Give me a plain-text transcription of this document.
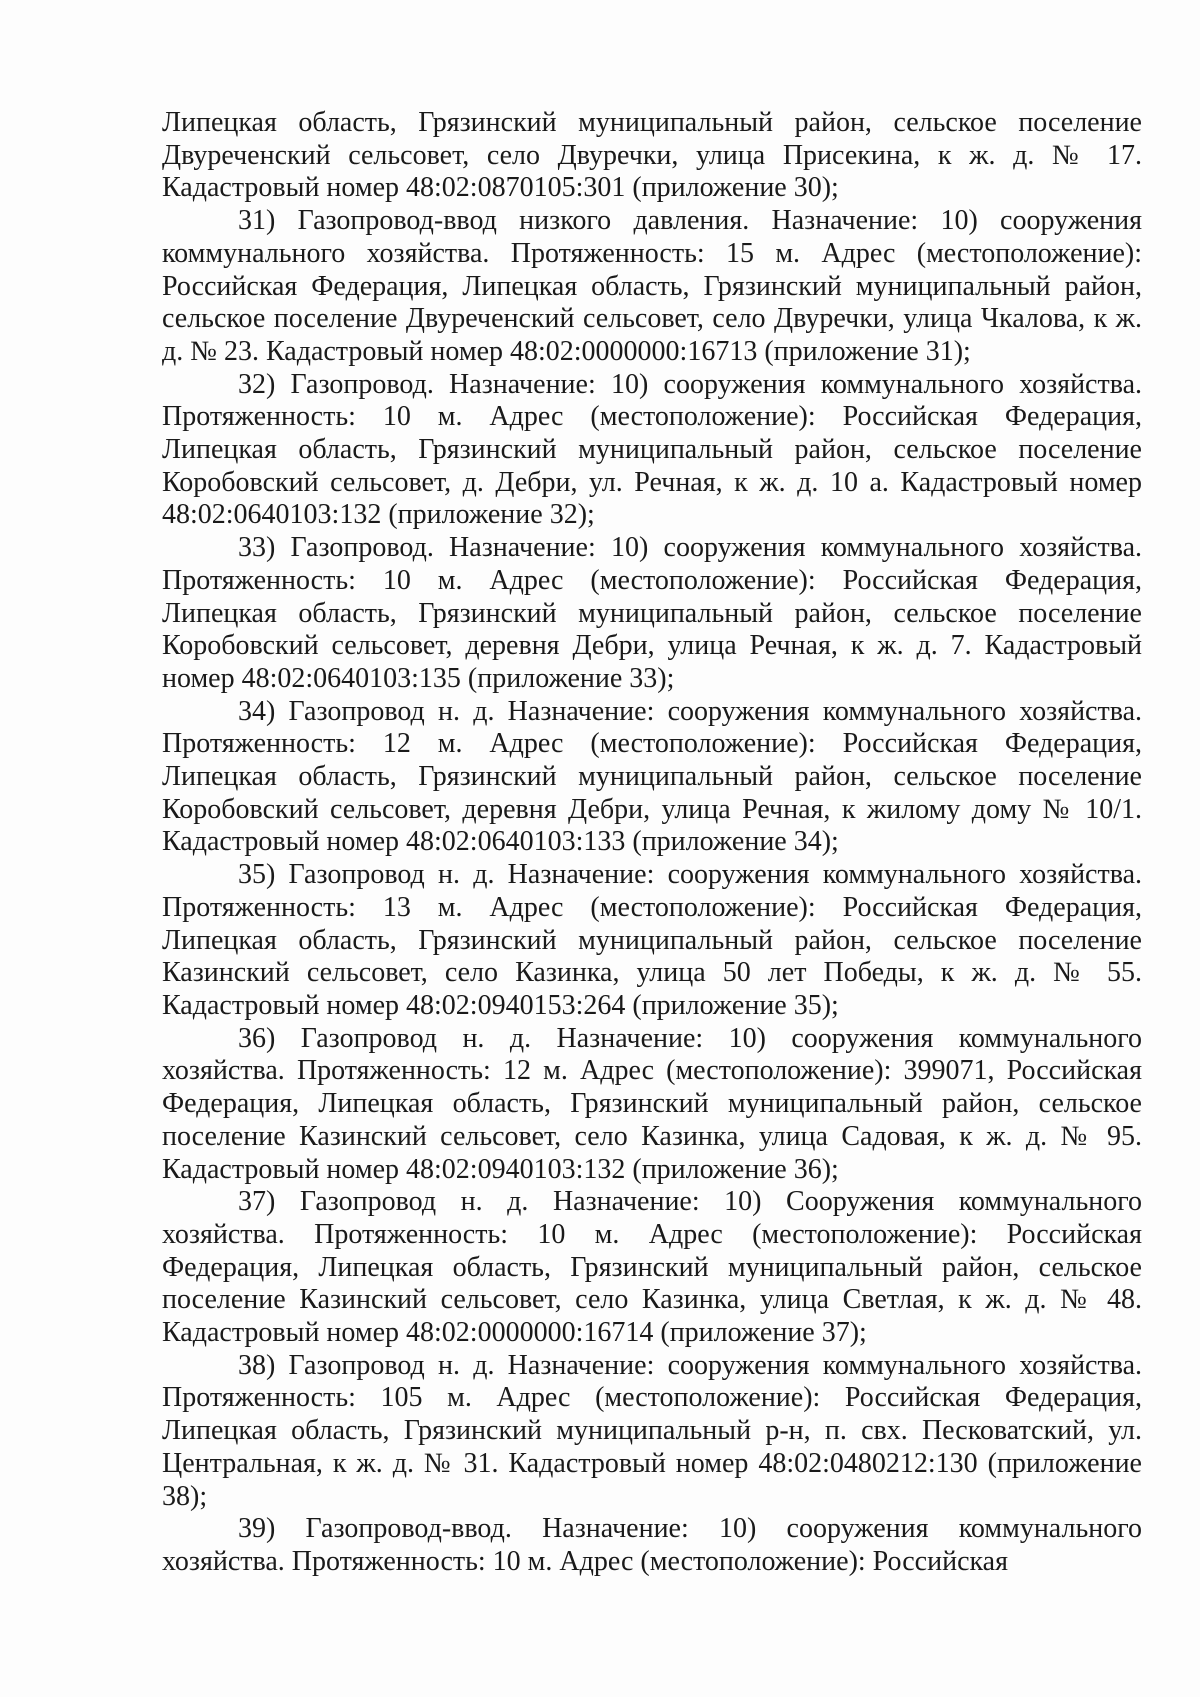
Липецкая область, Грязинский муниципальный район, сельское поселение Двуреченский сельсовет, село Двуречки, улица Присекина, к ж. д. № 17. Кадастровый номер 48:02:0870105:301 (приложение 30);

31) Газопровод-ввод низкого давления. Назначение: 10) сооружения коммунального хозяйства. Протяженность: 15 м. Адрес (местоположение): Российская Федерация, Липецкая область, Грязинский муниципальный район, сельское поселение Двуреченский сельсовет, село Двуречки, улица Чкалова, к ж. д. № 23. Кадастровый номер 48:02:0000000:16713 (приложение 31);

32) Газопровод. Назначение: 10) сооружения коммунального хозяйства. Протяженность: 10 м. Адрес (местоположение): Российская Федерация, Липецкая область, Грязинский муниципальный район, сельское поселение Коробовский сельсовет, д. Дебри, ул. Речная, к ж. д. 10 а. Кадастровый номер 48:02:0640103:132 (приложение 32);

33) Газопровод. Назначение: 10) сооружения коммунального хозяйства. Протяженность: 10 м. Адрес (местоположение): Российская Федерация, Липецкая область, Грязинский муниципальный район, сельское поселение Коробовский сельсовет, деревня Дебри, улица Речная, к ж. д. 7. Кадастровый номер 48:02:0640103:135 (приложение 33);

34) Газопровод н. д. Назначение: сооружения коммунального хозяйства. Протяженность: 12 м. Адрес (местоположение): Российская Федерация, Липецкая область, Грязинский муниципальный район, сельское поселение Коробовский сельсовет, деревня Дебри, улица Речная, к жилому дому № 10/1. Кадастровый номер 48:02:0640103:133 (приложение 34);

35) Газопровод н. д. Назначение: сооружения коммунального хозяйства. Протяженность: 13 м. Адрес (местоположение): Российская Федерация, Липецкая область, Грязинский муниципальный район, сельское поселение Казинский сельсовет, село Казинка, улица 50 лет Победы, к ж. д. № 55. Кадастровый номер 48:02:0940153:264 (приложение 35);

36) Газопровод н. д. Назначение: 10) сооружения коммунального хозяйства. Протяженность: 12 м. Адрес (местоположение): 399071, Российская Федерация, Липецкая область, Грязинский муниципальный район, сельское поселение Казинский сельсовет, село Казинка, улица Садовая, к ж. д. № 95. Кадастровый номер 48:02:0940103:132 (приложение 36);

37) Газопровод н. д. Назначение: 10) Сооружения коммунального хозяйства. Протяженность: 10 м. Адрес (местоположение): Российская Федерация, Липецкая область, Грязинский муниципальный район, сельское поселение Казинский сельсовет, село Казинка, улица Светлая, к ж. д. № 48. Кадастровый номер 48:02:0000000:16714 (приложение 37);

38) Газопровод н. д. Назначение: сооружения коммунального хозяйства. Протяженность: 105 м. Адрес (местоположение): Российская Федерация, Липецкая область, Грязинский муниципальный р-н, п. свх. Песковатский, ул. Центральная, к ж. д. № 31. Кадастровый номер 48:02:0480212:130 (приложение 38);

39) Газопровод-ввод. Назначение: 10) сооружения коммунального хозяйства. Протяженность: 10 м. Адрес (местоположение): Российская
